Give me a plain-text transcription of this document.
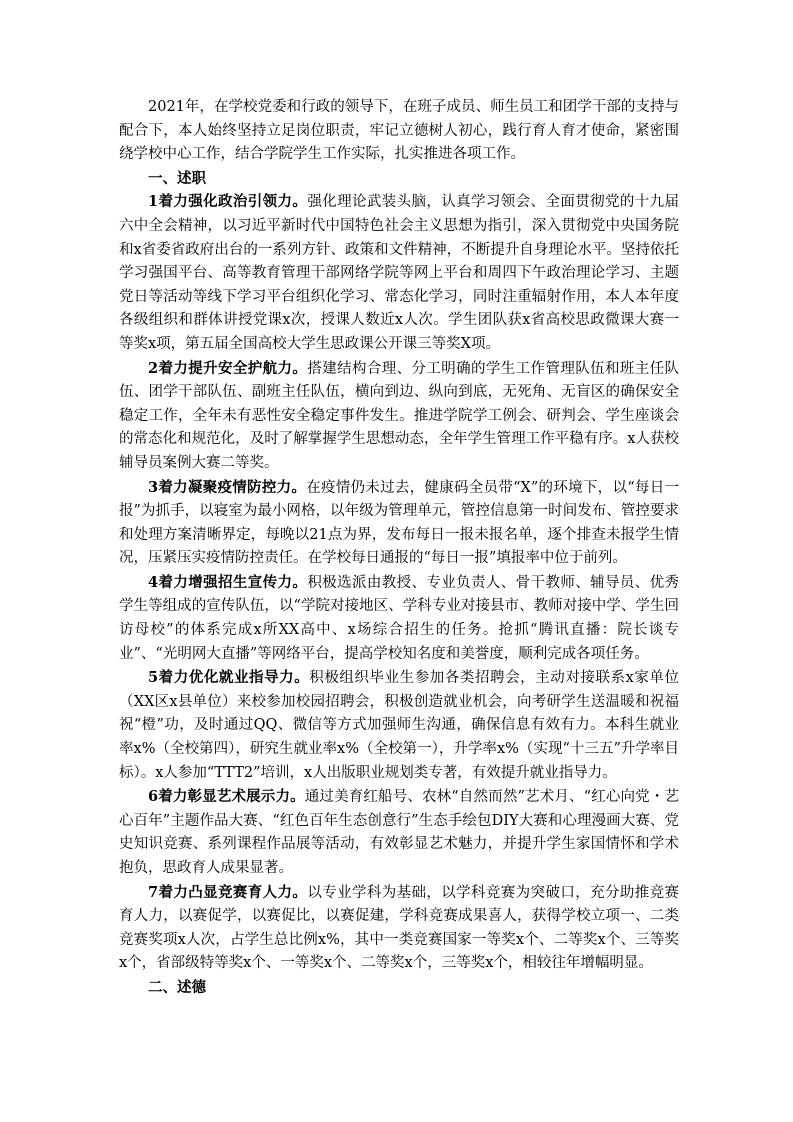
2021年，在学校党委和行政的领导下，在班子成员、师生员工和团学干部的支持与配合下，本人始终坚持立足岗位职责，牢记立德树人初心，践行育人育才使命，紧密围绕学校中心工作，结合学院学生工作实际，扎实推进各项工作。

一、述职

1着力强化政治引领力。强化理论武装头脑，认真学习领会、全面贯彻党的十九届六中全会精神，以习近平新时代中国特色社会主义思想为指引，深入贯彻党中央国务院和x省委省政府出台的一系列方针、政策和文件精神，不断提升自身理论水平。坚持依托学习强国平台、高等教育管理干部网络学院等网上平台和周四下午政治理论学习、主题党日等活动等线下学习平台组织化学习、常态化学习，同时注重辐射作用，本人本年度各级组织和群体讲授党课x次，授课人数近x人次。学生团队获x省高校思政微课大赛一等奖x项，第五届全国高校大学生思政课公开课三等奖X项。

2着力提升安全护航力。搭建结构合理、分工明确的学生工作管理队伍和班主任队伍、团学干部队伍、副班主任队伍，横向到边、纵向到底，无死角、无盲区的确保安全稳定工作，全年未有恶性安全稳定事件发生。推进学院学工例会、研判会、学生座谈会的常态化和规范化，及时了解掌握学生思想动态，全年学生管理工作平稳有序。x人获校辅导员案例大赛二等奖。

3着力凝聚疫情防控力。在疫情仍未过去，健康码全员带“X”的环境下，以“每日一报”为抓手，以寝室为最小网格，以年级为管理单元，管控信息第一时间发布、管控要求和处理方案清晰界定，每晚以21点为界，发布每日一报未报名单，逐个排查未报学生情况，压紧压实疫情防控责任。在学校每日通报的“每日一报”填报率中位于前列。

4着力增强招生宣传力。积极选派由教授、专业负责人、骨干教师、辅导员、优秀学生等组成的宣传队伍，以“学院对接地区、学科专业对接县市、教师对接中学、学生回访母校”的体系完成x所XX高中、x场综合招生的任务。抢抓“腾讯直播：院长谈专业”、“光明网大直播”等网络平台，提高学校知名度和美誉度，顺利完成各项任务。

5着力优化就业指导力。积极组织毕业生参加各类招聘会，主动对接联系x家单位（XX区x县单位）来校参加校园招聘会，积极创造就业机会，向考研学生送温暖和祝福祝“橙”功，及时通过QQ、微信等方式加强师生沟通，确保信息有效有力。本科生就业率x%（全校第四），研究生就业率x%（全校第一），升学率x%（实现“十三五”升学率目标）。x人参加“TTT2”培训，x人出版职业规划类专著，有效提升就业指导力。

6着力彰显艺术展示力。通过美育红船号、农林“自然而然”艺术月、“红心向党・艺心百年”主题作品大赛、“红色百年生态创意行”生态手绘包DIY大赛和心理漫画大赛、党史知识竞赛、系列课程作品展等活动，有效彰显艺术魅力，并提升学生家国情怀和学术抱负，思政育人成果显著。

7着力凸显竞赛育人力。以专业学科为基础，以学科竞赛为突破口，充分助推竞赛育人力，以赛促学，以赛促比，以赛促建，学科竞赛成果喜人，获得学校立项一、二类竞赛奖项x人次，占学生总比例x%，其中一类竞赛国家一等奖x个、二等奖x个、三等奖x个，省部级特等奖x个、一等奖x个、二等奖x个，三等奖x个，相较往年增幅明显。

二、述德
